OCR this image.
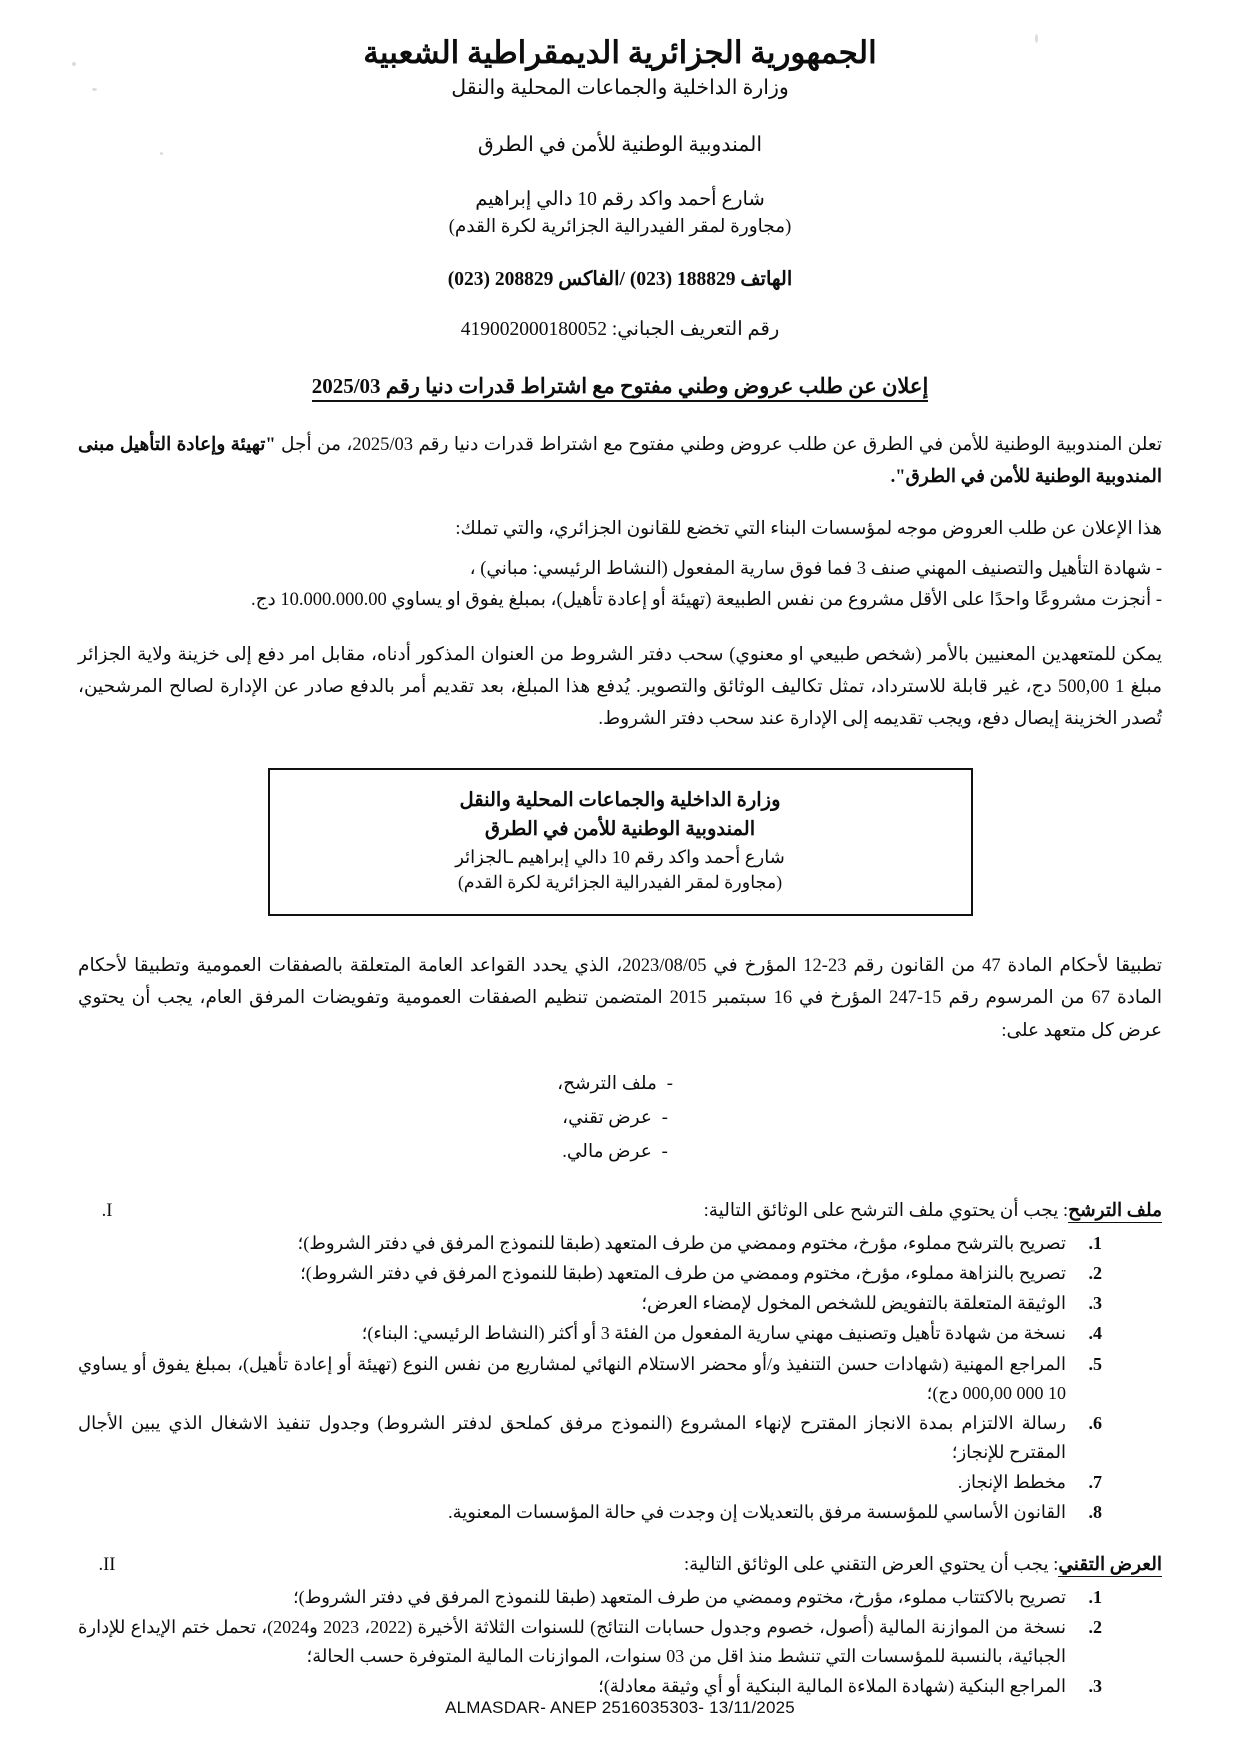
الجمهورية الجزائرية الديمقراطية الشعبية
وزارة الداخلية والجماعات المحلية والنقل
المندوبية الوطنية للأمن في الطرق
شارع أحمد واكد رقم 10 دالي إبراهيم
(مجاورة لمقر الفيدرالية الجزائرية لكرة القدم)
الهاتف 188829 (023) /الفاكس 208829 (023)
رقم التعريف الجباني: 419002000180052
إعلان عن طلب عروض وطني مفتوح مع اشتراط قدرات دنيا رقم 2025/03

تعلن المندوبية الوطنية للأمن في الطرق عن طلب عروض وطني مفتوح مع اشتراط قدرات دنيا رقم 2025/03، من أجل "تهيئة وإعادة التأهيل مبنى المندوبية الوطنية للأمن في الطرق".

هذا الإعلان عن طلب العروض موجه لمؤسسات البناء التي تخضع للقانون الجزائري، والتي تملك:

- شهادة التأهيل والتصنيف المهني صنف 3 فما فوق سارية المفعول (النشاط الرئيسي: مباني) ،
- أنجزت مشروعًا واحدًا على الأقل مشروع من نفس الطبيعة (تهيئة أو إعادة تأهيل)، بمبلغ يفوق او يساوي 10.000.000.00 دج.

يمكن للمتعهدين المعنيين بالأمر (شخص طبيعي او معنوي) سحب دفتر الشروط من العنوان المذكور أدناه، مقابل امر دفع إلى خزينة ولاية الجزائر مبلغ 1 500,00 دج، غير قابلة للاسترداد، تمثل تكاليف الوثائق والتصوير. يُدفع هذا المبلغ، بعد تقديم أمر بالدفع صادر عن الإدارة لصالح المرشحين، تُصدر الخزينة إيصال دفع، ويجب تقديمه إلى الإدارة عند سحب دفتر الشروط.

وزارة الداخلية والجماعات المحلية والنقل
المندوبية الوطنية للأمن في الطرق
شارع أحمد واكد رقم 10 دالي إبراهيم ـالجزائر
(مجاورة لمقر الفيدرالية الجزائرية لكرة القدم)

تطبيقا لأحكام المادة 47 من القانون رقم 23-12 المؤرخ في 2023/08/05، الذي يحدد القواعد العامة المتعلقة بالصفقات العمومية وتطبيقا لأحكام المادة 67 من المرسوم رقم 15-247 المؤرخ في 16 سبتمبر 2015 المتضمن تنظيم الصفقات العمومية وتفويضات المرفق العام، يجب أن يحتوي عرض كل متعهد على:

-ملف الترشح،
-عرض تقني،
-عرض مالي.
ملف الترشح: يجب أن يحتوي ملف الترشح على الوثائق التالية:
I.
تصريح بالترشح مملوء، مؤرخ، مختوم وممضي من طرف المتعهد (طبقا للنموذج المرفق في دفتر الشروط)؛
تصريح بالنزاهة مملوء، مؤرخ، مختوم وممضي من طرف المتعهد (طبقا للنموذج المرفق في دفتر الشروط)؛
الوثيقة المتعلقة بالتفويض للشخص المخول لإمضاء العرض؛
نسخة من شهادة تأهيل وتصنيف مهني سارية المفعول من الفئة 3 أو أكثر (النشاط الرئيسي: البناء)؛
المراجع المهنية (شهادات حسن التنفيذ و/أو محضر الاستلام النهائي لمشاريع من نفس النوع (تهيئة أو إعادة تأهيل)، بمبلغ يفوق أو يساوي 10 000 000,00 دج)؛
رسالة الالتزام بمدة الانجاز المقترح لإنهاء المشروع (النموذج مرفق كملحق لدفتر الشروط) وجدول تنفيذ الاشغال الذي يبين الأجال المقترح للإنجاز؛
مخطط الإنجاز.
القانون الأساسي للمؤسسة مرفق بالتعديلات إن وجدت في حالة المؤسسات المعنوية.
العرض التقني: يجب أن يحتوي العرض التقني على الوثائق التالية:
II.
تصريح بالاكتتاب مملوء، مؤرخ، مختوم وممضي من طرف المتعهد (طبقا للنموذج المرفق في دفتر الشروط)؛
نسخة من الموازنة المالية (أصول، خصوم وجدول حسابات النتائج) للسنوات الثلاثة الأخيرة (2022، 2023 و2024)، تحمل ختم الإيداع للإدارة الجبائية، بالنسبة للمؤسسات التي تنشط منذ اقل من 03 سنوات، الموازنات المالية المتوفرة حسب الحالة؛
المراجع البنكية (شهادة الملاءة المالية البنكية أو أي وثيقة معادلة)؛
ALMASDAR- ANEP 2516035303- 13/11/2025
